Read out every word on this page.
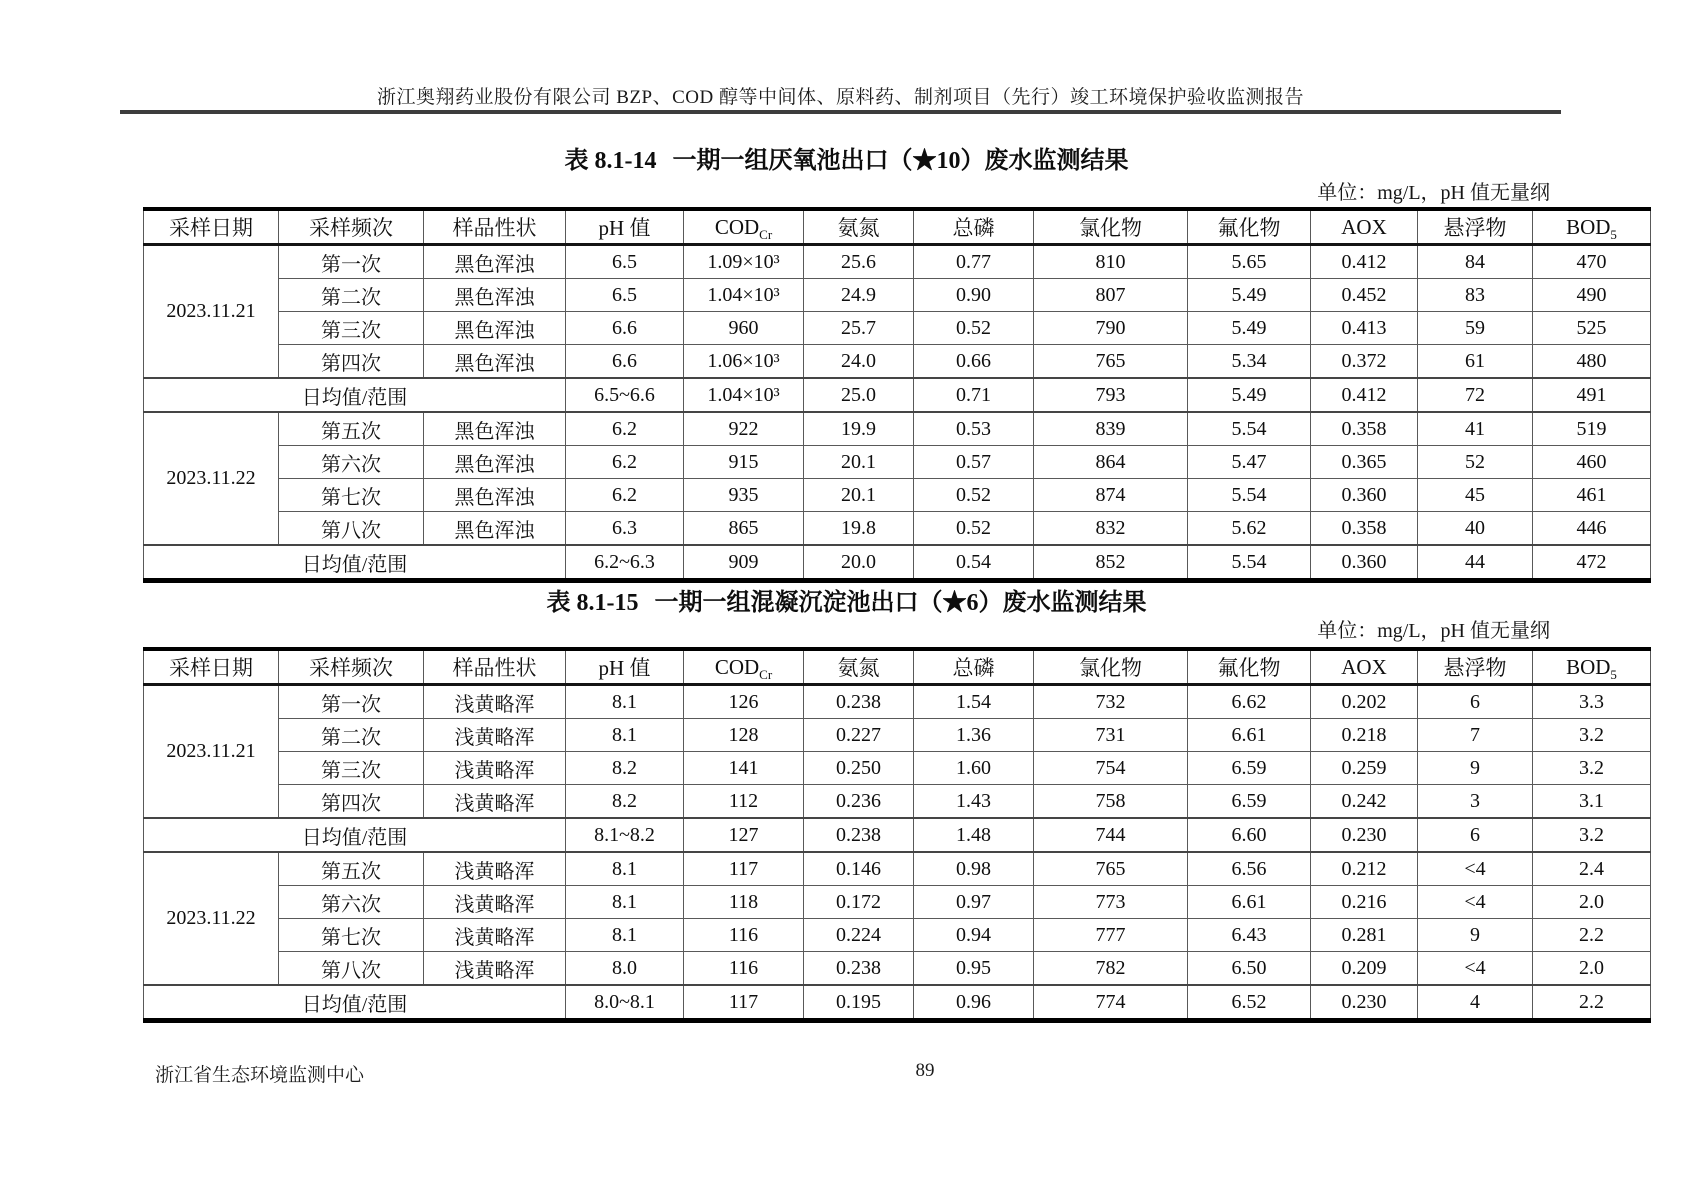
浙江奥翔药业股份有限公司 BZP、COD 醇等中间体、原料药、制剂项目（先行）竣工环境保护验收监测报告
表 8.1-14 一期一组厌氧池出口（★10）废水监测结果
单位：mg/L，pH 值无量纲
采样日期	采样频次	样品性状	pH 值	$COD_{Cr}$	氨氮	总磷	氯化物	氟化物	AOX	悬浮物	$BOD_5$
2023.11.21	第一次	黑色浑浊	6.5	1.09×10³	25.6	0.77	810	5.65	0.412	84	470
	第二次	黑色浑浊	6.5	1.04×10³	24.9	0.90	807	5.49	0.452	83	490
	第三次	黑色浑浊	6.6	960	25.7	0.52	790	5.49	0.413	59	525
	第四次	黑色浑浊	6.6	1.06×10³	24.0	0.66	765	5.34	0.372	61	480
日均值/范围			6.5~6.6	1.04×10³	25.0	0.71	793	5.49	0.412	72	491
2023.11.22	第五次	黑色浑浊	6.2	922	19.9	0.53	839	5.54	0.358	41	519
	第六次	黑色浑浊	6.2	915	20.1	0.57	864	5.47	0.365	52	460
	第七次	黑色浑浊	6.2	935	20.1	0.52	874	5.54	0.360	45	461
	第八次	黑色浑浊	6.3	865	19.8	0.52	832	5.62	0.358	40	446
日均值/范围			6.2~6.3	909	20.0	0.54	852	5.54	0.360	44	472
表 8.1-15 一期一组混凝沉淀池出口（★6）废水监测结果
单位：mg/L，pH 值无量纲
采样日期	采样频次	样品性状	pH 值	$COD_{Cr}$	氨氮	总磷	氯化物	氟化物	AOX	悬浮物	$BOD_5$
2023.11.21	第一次	浅黄略浑	8.1	126	0.238	1.54	732	6.62	0.202	6	3.3
	第二次	浅黄略浑	8.1	128	0.227	1.36	731	6.61	0.218	7	3.2
	第三次	浅黄略浑	8.2	141	0.250	1.60	754	6.59	0.259	9	3.2
	第四次	浅黄略浑	8.2	112	0.236	1.43	758	6.59	0.242	3	3.1
日均值/范围			8.1~8.2	127	0.238	1.48	744	6.60	0.230	6	3.2
2023.11.22	第五次	浅黄略浑	8.1	117	0.146	0.98	765	6.56	0.212	<4	2.4
	第六次	浅黄略浑	8.1	118	0.172	0.97	773	6.61	0.216	<4	2.0
	第七次	浅黄略浑	8.1	116	0.224	0.94	777	6.43	0.281	9	2.2
	第八次	浅黄略浑	8.0	116	0.238	0.95	782	6.50	0.209	<4	2.0
日均值/范围			8.0~8.1	117	0.195	0.96	774	6.52	0.230	4	2.2
浙江省生态环境监测中心	89
